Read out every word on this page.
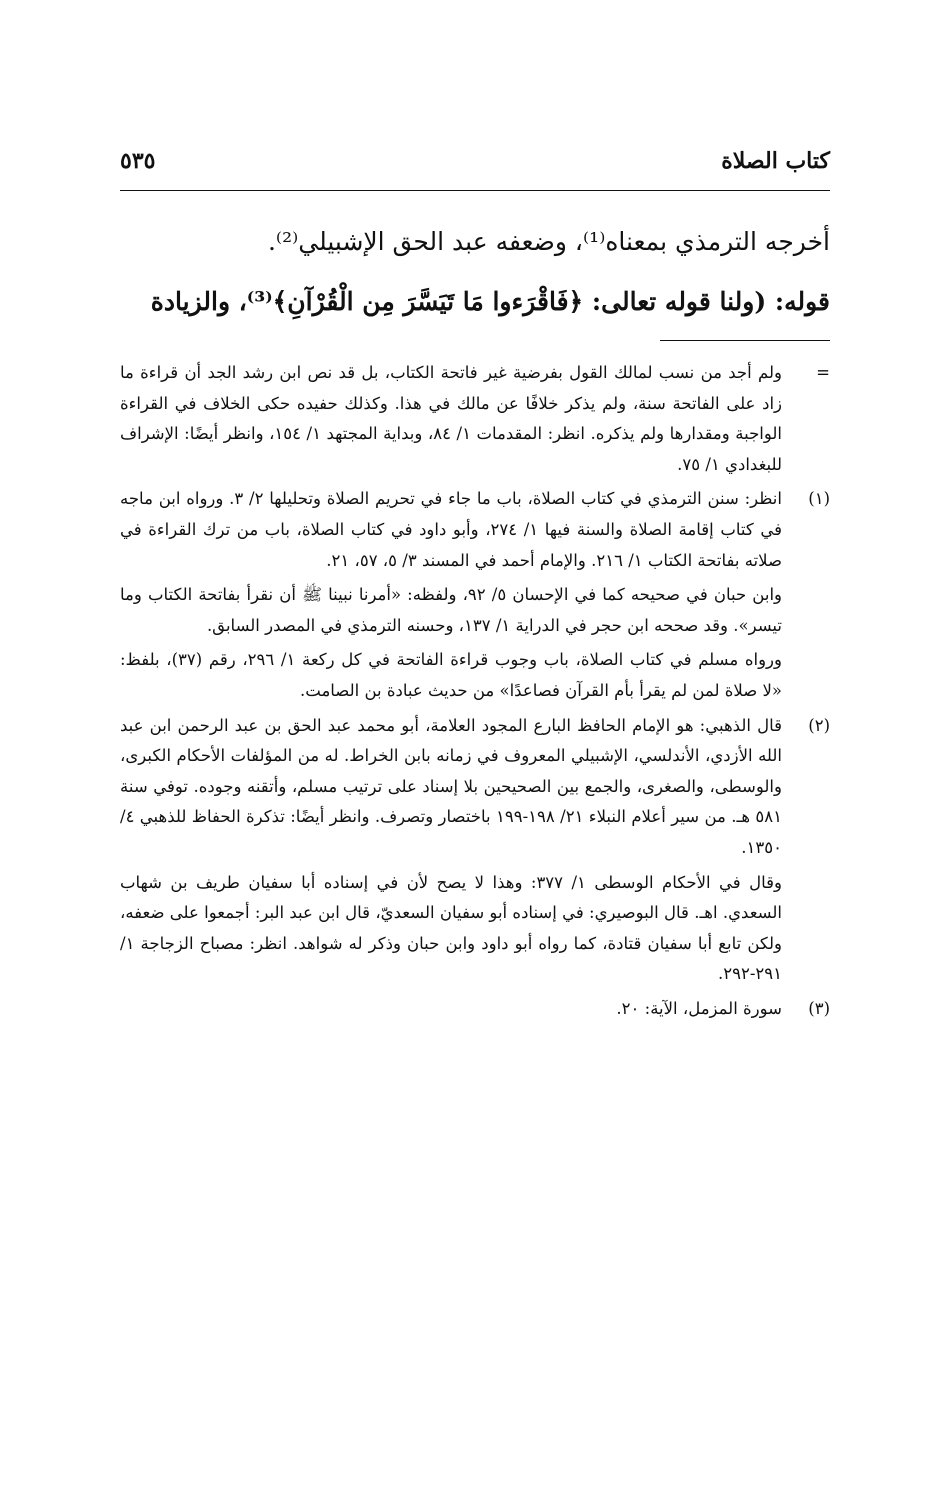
كتاب الصلاة
٥٣٥
أخرجه الترمذي بمعناه⁽¹⁾، وضعفه عبد الحق الإشبيلي⁽²⁾.
قوله: (ولنا قوله تعالى: ﴿فَاقْرَءوا مَا تَيَسَّرَ مِن الْقُرْآنِ﴾⁽³⁾، والزيادة
=

ولم أجد من نسب لمالك القول بفرضية غير فاتحة الكتاب، بل قد نص ابن رشد الجد أن قراءة ما زاد على الفاتحة سنة، ولم يذكر خلافًا عن مالك في هذا. وكذلك حفيده حكى الخلاف في القراءة الواجبة ومقدارها ولم يذكره. انظر: المقدمات ١/ ٨٤، وبداية المجتهد ١/ ١٥٤، وانظر أيضًا: الإشراف للبغدادي ١/ ٧٥.

(١)

انظر: سنن الترمذي في كتاب الصلاة، باب ما جاء في تحريم الصلاة وتحليلها ٢/ ٣. ورواه ابن ماجه في كتاب إقامة الصلاة والسنة فيها ١/ ٢٧٤، وأبو داود في كتاب الصلاة، باب من ترك القراءة في صلاته بفاتحة الكتاب ١/ ٢١٦. والإمام أحمد في المسند ٣/ ٥، ٥٧، ٢١.

وابن حبان في صحيحه كما في الإحسان ٥/ ٩٢، ولفظه: «أمرنا نبينا ﷺ أن نقرأ بفاتحة الكتاب وما تيسر». وقد صححه ابن حجر في الدراية ١/ ١٣٧، وحسنه الترمذي في المصدر السابق.

ورواه مسلم في كتاب الصلاة، باب وجوب قراءة الفاتحة في كل ركعة ١/ ٢٩٦، رقم (٣٧)، بلفظ: «لا صلاة لمن لم يقرأ بأم القرآن فصاعدًا» من حديث عبادة بن الصامت.

(٢)

قال الذهبي: هو الإمام الحافظ البارع المجود العلامة، أبو محمد عبد الحق بن عبد الرحمن ابن عبد الله الأزدي، الأندلسي، الإشبيلي المعروف في زمانه بابن الخراط. له من المؤلفات الأحكام الكبرى، والوسطى، والصغرى، والجمع بين الصحيحين بلا إسناد على ترتيب مسلم، وأتقنه وجوده. توفي سنة ٥٨١ هـ. من سير أعلام النبلاء ٢١/ ١٩٨-١٩٩ باختصار وتصرف. وانظر أيضًا: تذكرة الحفاظ للذهبي ٤/ ١٣٥٠.

وقال في الأحكام الوسطى ١/ ٣٧٧: وهذا لا يصح لأن في إسناده أبا سفيان طريف بن شهاب السعدي. اهـ. قال البوصيري: في إسناده أبو سفيان السعديّ، قال ابن عبد البر: أجمعوا على ضعفه، ولكن تابع أبا سفيان قتادة، كما رواه أبو داود وابن حبان وذكر له شواهد. انظر: مصباح الزجاجة ١/ ٢٩١-٢٩٢.

(٣)

سورة المزمل، الآية: ٢٠.
